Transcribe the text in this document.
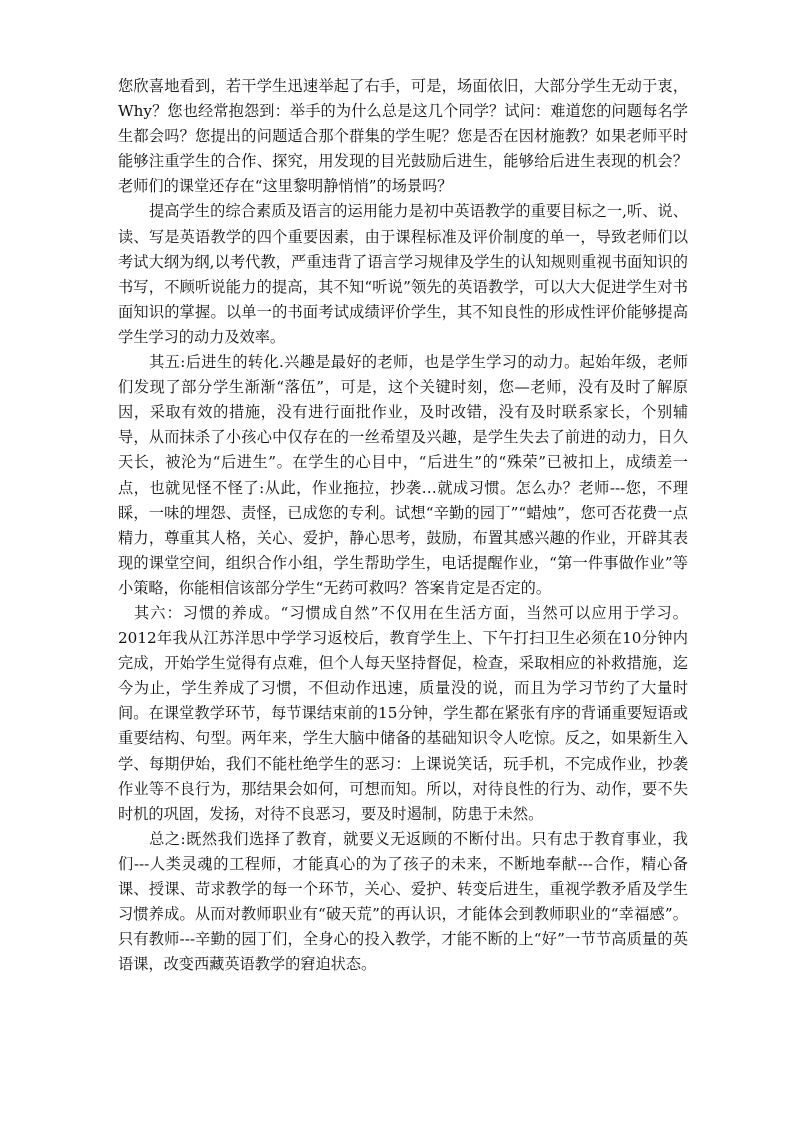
您欣喜地看到，若干学生迅速举起了右手，可是，场面依旧，大部分学生无动于衷，Why？您也经常抱怨到：举手的为什么总是这几个同学？试问：难道您的问题每名学生都会吗？您提出的问题适合那个群集的学生呢？您是否在因材施教？如果老师平时能够注重学生的合作、探究，用发现的目光鼓励后进生，能够给后进生表现的机会？老师们的课堂还存在“这里黎明静悄悄”的场景吗？

提高学生的综合素质及语言的运用能力是初中英语教学的重要目标之一,听、说、读、写是英语教学的四个重要因素，由于课程标准及评价制度的单一，导致老师们以考试大纲为纲,以考代教，严重违背了语言学习规律及学生的认知规则重视书面知识的书写，不顾听说能力的提高，其不知“听说”领先的英语教学，可以大大促进学生对书面知识的掌握。以单一的书面考试成绩评价学生，其不知良性的形成性评价能够提高学生学习的动力及效率。

其五:后进生的转化.兴趣是最好的老师，也是学生学习的动力。起始年级，老师们发现了部分学生渐渐“落伍”，可是，这个关键时刻，您—老师，没有及时了解原因，采取有效的措施，没有进行面批作业，及时改错，没有及时联系家长，个别辅导，从而抹杀了小孩心中仅存在的一丝希望及兴趣，是学生失去了前进的动力，日久天长，被沦为“后进生”。在学生的心目中，“后进生”的“殊荣”已被扣上，成绩差一点，也就见怪不怪了:从此，作业拖拉，抄袭…就成习惯。怎么办？老师---您，不理睬，一味的埋怨、责怪，已成您的专利。试想“辛勤的园丁”“蜡烛”，您可否花费一点精力，尊重其人格，关心、爱护，静心思考，鼓励，布置其感兴趣的作业，开辟其表现的课堂空间，组织合作小组，学生帮助学生，电话提醒作业，“第一件事做作业”等小策略，你能相信该部分学生“无药可救吗？答案肯定是否定的。

其六：习惯的养成。“习惯成自然”不仅用在生活方面，当然可以应用于学习。2012年我从江苏洋思中学学习返校后，教育学生上、下午打扫卫生必须在10分钟内完成，开始学生觉得有点难，但个人每天坚持督促，检查，采取相应的补救措施，迄今为止，学生养成了习惯，不但动作迅速，质量没的说，而且为学习节约了大量时间。在课堂教学环节，每节课结束前的15分钟，学生都在紧张有序的背诵重要短语或重要结构、句型。两年来，学生大脑中储备的基础知识令人吃惊。反之，如果新生入学、每期伊始，我们不能杜绝学生的恶习：上课说笑话，玩手机，不完成作业，抄袭作业等不良行为，那结果会如何，可想而知。所以，对待良性的行为、动作，要不失时机的巩固，发扬，对待不良恶习，要及时遏制，防患于未然。

总之:既然我们选择了教育，就要义无返顾的不断付出。只有忠于教育事业，我们---人类灵魂的工程师，才能真心的为了孩子的未来，不断地奉献---合作，精心备课、授课、苛求教学的每一个环节，关心、爱护、转变后进生，重视学教矛盾及学生习惯养成。从而对教师职业有“破天荒”的再认识，才能体会到教师职业的“幸福感”。只有教师---辛勤的园丁们，全身心的投入教学，才能不断的上“好”一节节高质量的英语课，改变西藏英语教学的窘迫状态。
